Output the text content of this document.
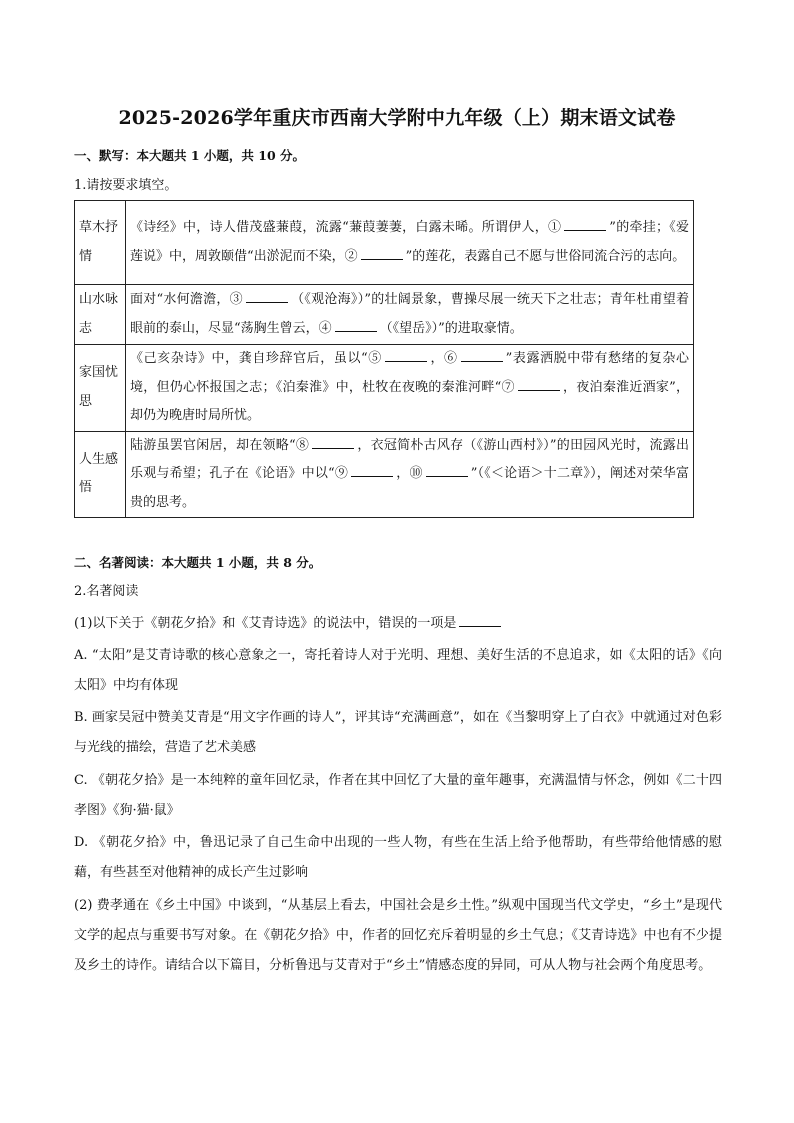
2025-2026学年重庆市西南大学附中九年级（上）期末语文试卷
一、默写：本大题共 1 小题，共 10 分。
1.请按要求填空。
草木抒情	《诗经》中，诗人借茂盛蒹葭，流露“蒹葭萋萋，白露未晞。所谓伊人，① ”的牵挂；《爱莲说》中，周敦颐借“出淤泥而不染，② ”的莲花，表露自己不愿与世俗同流合污的志向。
山水咏志	面对“水何澹澹，③ （《观沧海》）”的壮阔景象，曹操尽展一统天下之壮志；青年杜甫望着眼前的泰山，尽显“荡胸生曾云，④ （《望岳》）”的进取豪情。
家国忧思	《己亥杂诗》中，龚自珍辞官后，虽以“⑤ ，⑥ ”表露洒脱中带有愁绪的复杂心境，但仍心怀报国之志；《泊秦淮》中，杜牧在夜晚的秦淮河畔“⑦ ，夜泊秦淮近酒家”，却仍为晚唐时局所忧。
人生感悟	陆游虽罢官闲居，却在领略“⑧ ，衣冠简朴古风存（《游山西村》）”的田园风光时，流露出乐观与希望；孔子在《论语》中以“⑨ ，⑩ ”（《＜论语＞十二章》），阐述对荣华富贵的思考。
二、名著阅读：本大题共 1 小题，共 8 分。
2.名著阅读
(1)以下关于《朝花夕拾》和《艾青诗选》的说法中，错误的一项是
A. “太阳”是艾青诗歌的核心意象之一，寄托着诗人对于光明、理想、美好生活的不息追求，如《太阳的话》《向太阳》中均有体现
B. 画家吴冠中赞美艾青是“用文字作画的诗人”，评其诗“充满画意”，如在《当黎明穿上了白衣》中就通过对色彩与光线的描绘，营造了艺术美感
C. 《朝花夕拾》是一本纯粹的童年回忆录，作者在其中回忆了大量的童年趣事，充满温情与怀念，例如《二十四孝图》《狗·猫·鼠》
D. 《朝花夕拾》中，鲁迅记录了自己生命中出现的一些人物，有些在生活上给予他帮助，有些带给他情感的慰藉，有些甚至对他精神的成长产生过影响
(2) 费孝通在《乡土中国》中谈到，“从基层上看去，中国社会是乡土性。”纵观中国现当代文学史，“乡土”是现代文学的起点与重要书写对象。在《朝花夕拾》中，作者的回忆充斥着明显的乡土气息；《艾青诗选》中也有不少提及乡土的诗作。请结合以下篇目，分析鲁迅与艾青对于“乡土”情感态度的异同，可从人物与社会两个角度思考。
